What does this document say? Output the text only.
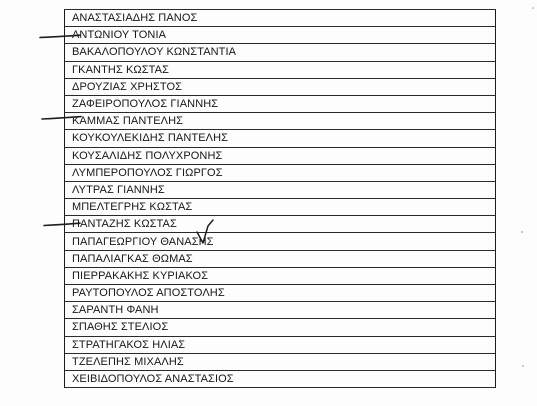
ΑΝΑΣΤΑΣΙΑΔΗΣ ΠΑΝΟΣ
ΑΝΤΩΝΙΟΥ ΤΟΝΙΑ
ΒΑΚΑΛΟΠΟΥΛΟΥ ΚΩΝΣΤΑΝΤΙΑ
ΓΚΑΝΤΗΣ ΚΩΣΤΑΣ
ΔΡΟΥΖΙΑΣ ΧΡΗΣΤΟΣ
ΖΑΦΕΙΡΟΠΟΥΛΟΣ ΓΙΑΝΝΗΣ
ΚΑΜΜΑΣ ΠΑΝΤΕΛΗΣ
ΚΟΥΚΟΥΛΕΚΙΔΗΣ ΠΑΝΤΕΛΗΣ
ΚΟΥΣΑΛΙΔΗΣ ΠΟΛΥΧΡΟΝΗΣ
ΛΥΜΠΕΡΟΠΟΥΛΟΣ ΓΙΩΡΓΟΣ
ΛΥΤΡΑΣ ΓΙΑΝΝΗΣ
ΜΠΕΛΤΕΓΡΗΣ ΚΩΣΤΑΣ
ΠΑΝΤΑΖΗΣ ΚΩΣΤΑΣ
ΠΑΠΑΓΕΩΡΓΙΟΥ ΘΑΝΑΣΗΣ
ΠΑΠΑΛΙΑΓΚΑΣ ΘΩΜΑΣ
ΠΙΕΡΡΑΚΑΚΗΣ ΚΥΡΙΑΚΟΣ
ΡΑΥΤΟΠΟΥΛΟΣ ΑΠΟΣΤΟΛΗΣ
ΣΑΡΑΝΤΗ ΦΑΝΗ
ΣΠΑΘΗΣ ΣΤΕΛΙΟΣ
ΣΤΡΑΤΗΓΑΚΟΣ ΗΛΙΑΣ
ΤΖΕΛΕΠΗΣ ΜΙΧΑΛΗΣ
ΧΕΙΒΙΔΟΠΟΥΛΟΣ ΑΝΑΣΤΑΣΙΟΣ
